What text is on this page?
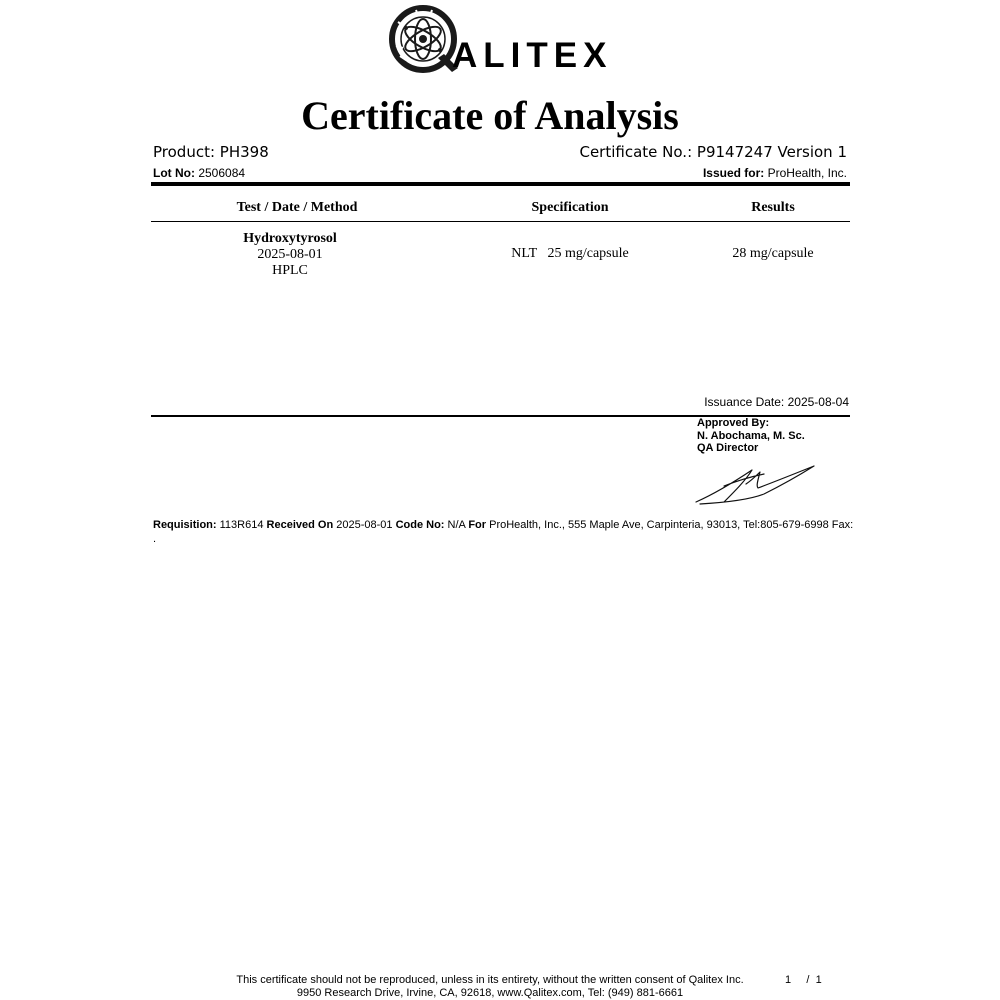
ALITEX
Certificate of Analysis
Product: PH398	Certificate No.: P9147247 Version 1
Lot No: 2506084	Issued for: ProHealth, Inc.
Test / Date / Method	Specification	Results
Hydroxytyrosol
2025-08-01
HPLC
NLT   25 mg/capsule	28 mg/capsule
Issuance Date: 2025-08-04
Approved By:
N. Abochama, M. Sc.
QA Director
Requisition: 113R614 Received On 2025-08-01 Code No: N/A For ProHealth, Inc., 555 Maple Ave, Carpinteria, 93013, Tel:805-679-6998 Fax:
.
This certificate should not be reproduced, unless in its entirety, without the written consent of Qalitex Inc.
9950 Research Drive, Irvine, CA, 92618, www.Qalitex.com, Tel: (949) 881-6661
1     /  1
